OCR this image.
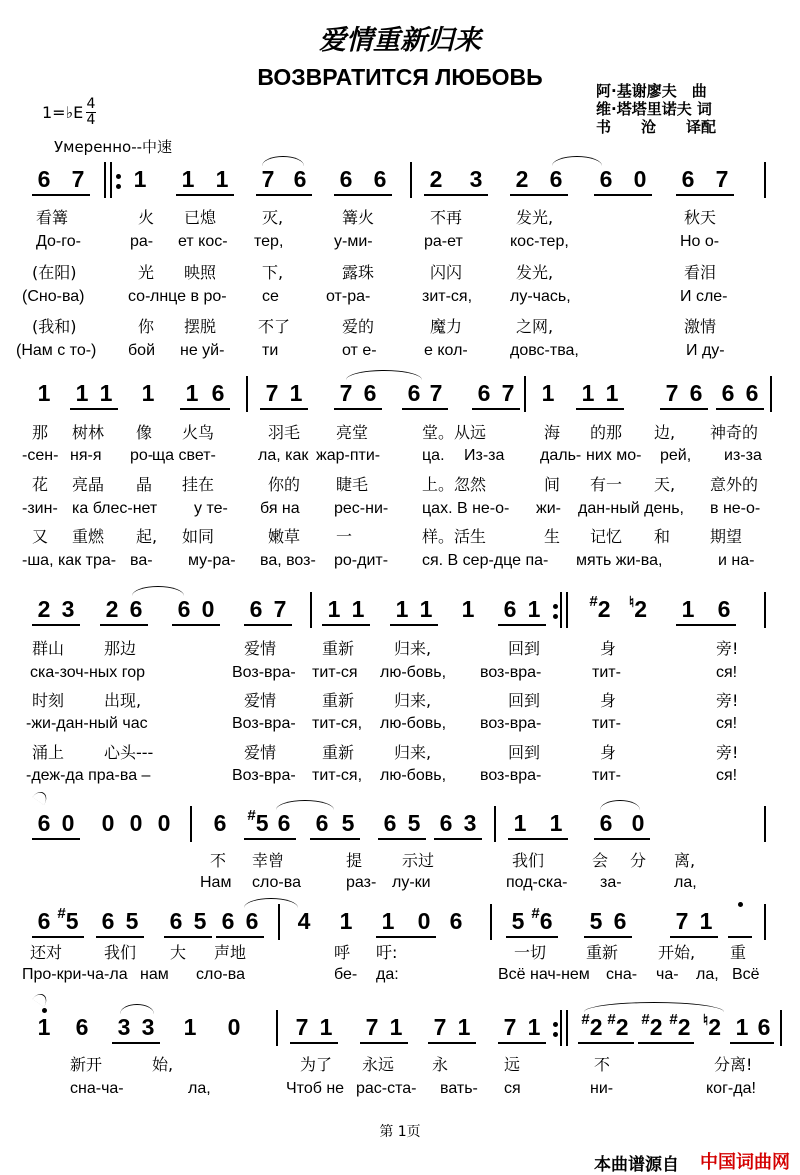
爱情重新归来
ВОЗВРАТИТСЯ ЛЮБОВЬ
阿·基谢廖夫　曲
维·塔塔里诺夫 词
书　　沧　　译配
1=♭E 4
4
Умеренно--中速
6 7 1 1 1 7 6 6 6 2 3 2 6 6 0 6 7
看篝	火 已熄	灭,	篝火	不再	发光,	秋天
До-го-	ра- ет кос- тер,	у-ми-	ра-ет	кос-тер,	Но о-
(在阳)	光 映照	下,	露珠	闪闪	发光,	看泪
(Сно-ва)	со- лнце в ро- се	от-ра-	зит-ся, лу-чась,	И сле-
(我和)	你 摆脱	不了	爱的	魔力	之网,	激情
(Нам с то-) бой не уй- ти	от е-	е кол-	довс-тва,	И ду-
1 1 1 1 1 6 7 1 7 6 6 7 6 7 1 1 1 7 6 6 6
那 树林 像 火鸟	羽毛 亮堂	堂。从远	海 的那 边, 神奇的
-сен- ня-я ро-
ща свет-	ла, как жар-пти-	ца. Из-за даль- них мо- рей, из-за
花 亮晶 晶 挂在	你的 睫毛	上。忽然	间 有一 天, 意外的
-зин- ка блес-нет у те- бя на рес-ни- цах. В не-о- жи- дан-ный день, в не-о-
又 重燃 起, 如同	嫩草 一	样。活生	生 记忆 和 期望
-ша, как тра- ва- му-ра- ва, воз- ро-дит- ся. В сер-дце па- мять жи-ва,	и на-
2 3 2 6 6 0 6 7 1 1 1 1 1 6 1	#2 ♮2 1 6
群山 那边	爱情	重新 归来,	回到	身	旁!
ска-зоч-ных гор	Воз-вра- тит-ся лю-бовь, воз-вра-	тит-	ся!
时刻 出现,	爱情	重新 归来,	回到	身	旁!
-жи-дан-ный час	Воз-вра- тит-ся, лю-бовь, воз-вра-	тит-	ся!
涌上 心头---	爱情	重新 归来,	回到	身	旁!
-деж-да пра-ва –	Воз-вра- тит-ся, лю-бовь, воз-вра-	тит-	ся!
6 0 0 0 0 6	#5 6 6 5 6 5 6 3 1 1 6 0
不 幸曾	提 示过	我们	会 分 离,
Нам сло-ва	раз- лу-ки	под-ска- за-	ла,
6 #5 6 5 6 5 6 6 4 1 1 0 6 5 #6 5 6 7 1
还对	我们 大 声地	呼 吁:	一切 重新 开始, 重
Про-кри-ча-ла нам сло-ва	бе- да:	Всё нач-нем сна- ча- ла, Всё
1 6 3 3 1 0 7 1 7 1 7 1 7 1	#2 #2 #2 #2 ♮2 1 6
新开	始,	为了 永远 永	远	不	分离!
сна-ча-	ла,	Чтоб не рас-ста- вать- ся	ни-	ког-да!
第 1页
本曲谱源自 中国词曲网
